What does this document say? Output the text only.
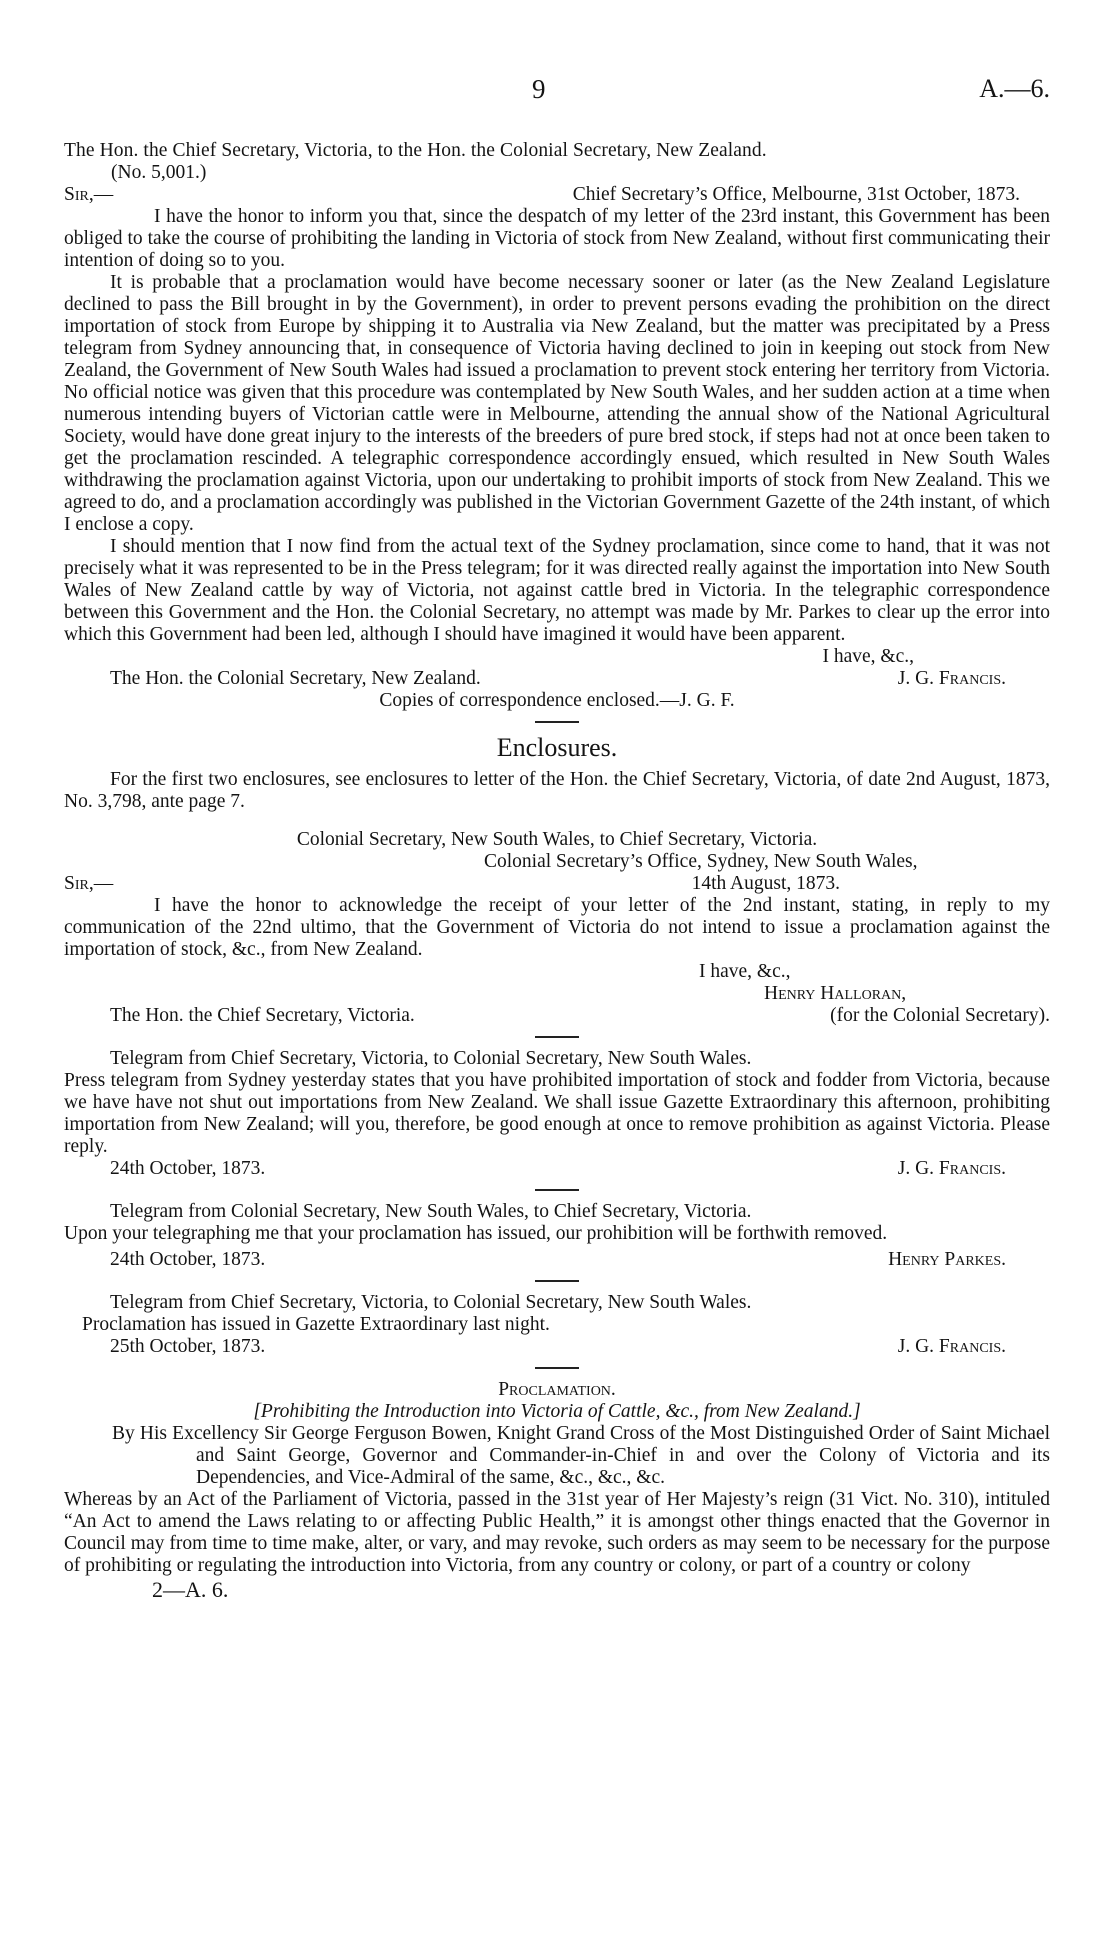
9	A.—6.
The Hon. the Chief Secretary, Victoria, to the Hon. the Colonial Secretary, New Zealand.
(No. 5,001.)
Sir,—	Chief Secretary’s Office, Melbourne, 31st October, 1873.

I have the honor to inform you that, since the despatch of my letter of the 23rd instant, this Government has been obliged to take the course of prohibiting the landing in Victoria of stock from New Zealand, without first communicating their intention of doing so to you.

It is probable that a proclamation would have become necessary sooner or later (as the New Zealand Legislature declined to pass the Bill brought in by the Government), in order to prevent persons evading the prohibition on the direct importation of stock from Europe by shipping it to Australia via New Zealand, but the matter was precipitated by a Press telegram from Sydney announcing that, in consequence of Victoria having declined to join in keeping out stock from New Zealand, the Government of New South Wales had issued a proclamation to prevent stock entering her territory from Victoria. No official notice was given that this procedure was contemplated by New South Wales, and her sudden action at a time when numerous intending buyers of Victorian cattle were in Melbourne, attending the annual show of the National Agricultural Society, would have done great injury to the interests of the breeders of pure bred stock, if steps had not at once been taken to get the proclamation rescinded. A telegraphic correspondence accordingly ensued, which resulted in New South Wales withdrawing the proclamation against Victoria, upon our undertaking to prohibit imports of stock from New Zealand. This we agreed to do, and a proclamation accordingly was published in the Victorian Government Gazette of the 24th instant, of which I enclose a copy.

I should mention that I now find from the actual text of the Sydney proclamation, since come to hand, that it was not precisely what it was represented to be in the Press telegram; for it was directed really against the importation into New South Wales of New Zealand cattle by way of Victoria, not against cattle bred in Victoria. In the telegraphic correspondence between this Government and the Hon. the Colonial Secretary, no attempt was made by Mr. Parkes to clear up the error into which this Government had been led, although I should have imagined it would have been apparent.

I have, &c.,
The Hon. the Colonial Secretary, New Zealand.	J. G. Francis.
Copies of correspondence enclosed.—J. G. F.
Enclosures.

For the first two enclosures, see enclosures to letter of the Hon. the Chief Secretary, Victoria, of date 2nd August, 1873, No. 3,798, ante page 7.

Colonial Secretary, New South Wales, to Chief Secretary, Victoria.
Colonial Secretary’s Office, Sydney, New South Wales,
Sir,—	14th August, 1873.

I have the honor to acknowledge the receipt of your letter of the 2nd instant, stating, in reply to my communication of the 22nd ultimo, that the Government of Victoria do not intend to issue a proclamation against the importation of stock, &c., from New Zealand.

I have, &c.,
Henry Halloran,
The Hon. the Chief Secretary, Victoria.	(for the Colonial Secretary).
Telegram from Chief Secretary, Victoria, to Colonial Secretary, New South Wales.

Press telegram from Sydney yesterday states that you have prohibited importation of stock and fodder from Victoria, because we have have not shut out importations from New Zealand. We shall issue Gazette Extraordinary this afternoon, prohibiting importation from New Zealand; will you, therefore, be good enough at once to remove prohibition as against Victoria. Please reply.

24th October, 1873.	J. G. Francis.
Telegram from Colonial Secretary, New South Wales, to Chief Secretary, Victoria.

Upon your telegraphing me that your proclamation has issued, our prohibition will be forthwith removed.

24th October, 1873.	Henry Parkes.
Telegram from Chief Secretary, Victoria, to Colonial Secretary, New South Wales.

Proclamation has issued in Gazette Extraordinary last night.

25th October, 1873.	J. G. Francis.
Proclamation.
[Prohibiting the Introduction into Victoria of Cattle, &c., from New Zealand.]

By His Excellency Sir George Ferguson Bowen, Knight Grand Cross of the Most Distinguished Order of Saint Michael and Saint George, Governor and Commander-in-Chief in and over the Colony of Victoria and its Dependencies, and Vice-Admiral of the same, &c., &c., &c.

Whereas by an Act of the Parliament of Victoria, passed in the 31st year of Her Majesty’s reign (31 Vict. No. 310), intituled “An Act to amend the Laws relating to or affecting Public Health,” it is amongst other things enacted that the Governor in Council may from time to time make, alter, or vary, and may revoke, such orders as may seem to be necessary for the purpose of prohibiting or regulating the introduction into Victoria, from any country or colony, or part of a country or colony

2—A. 6.
